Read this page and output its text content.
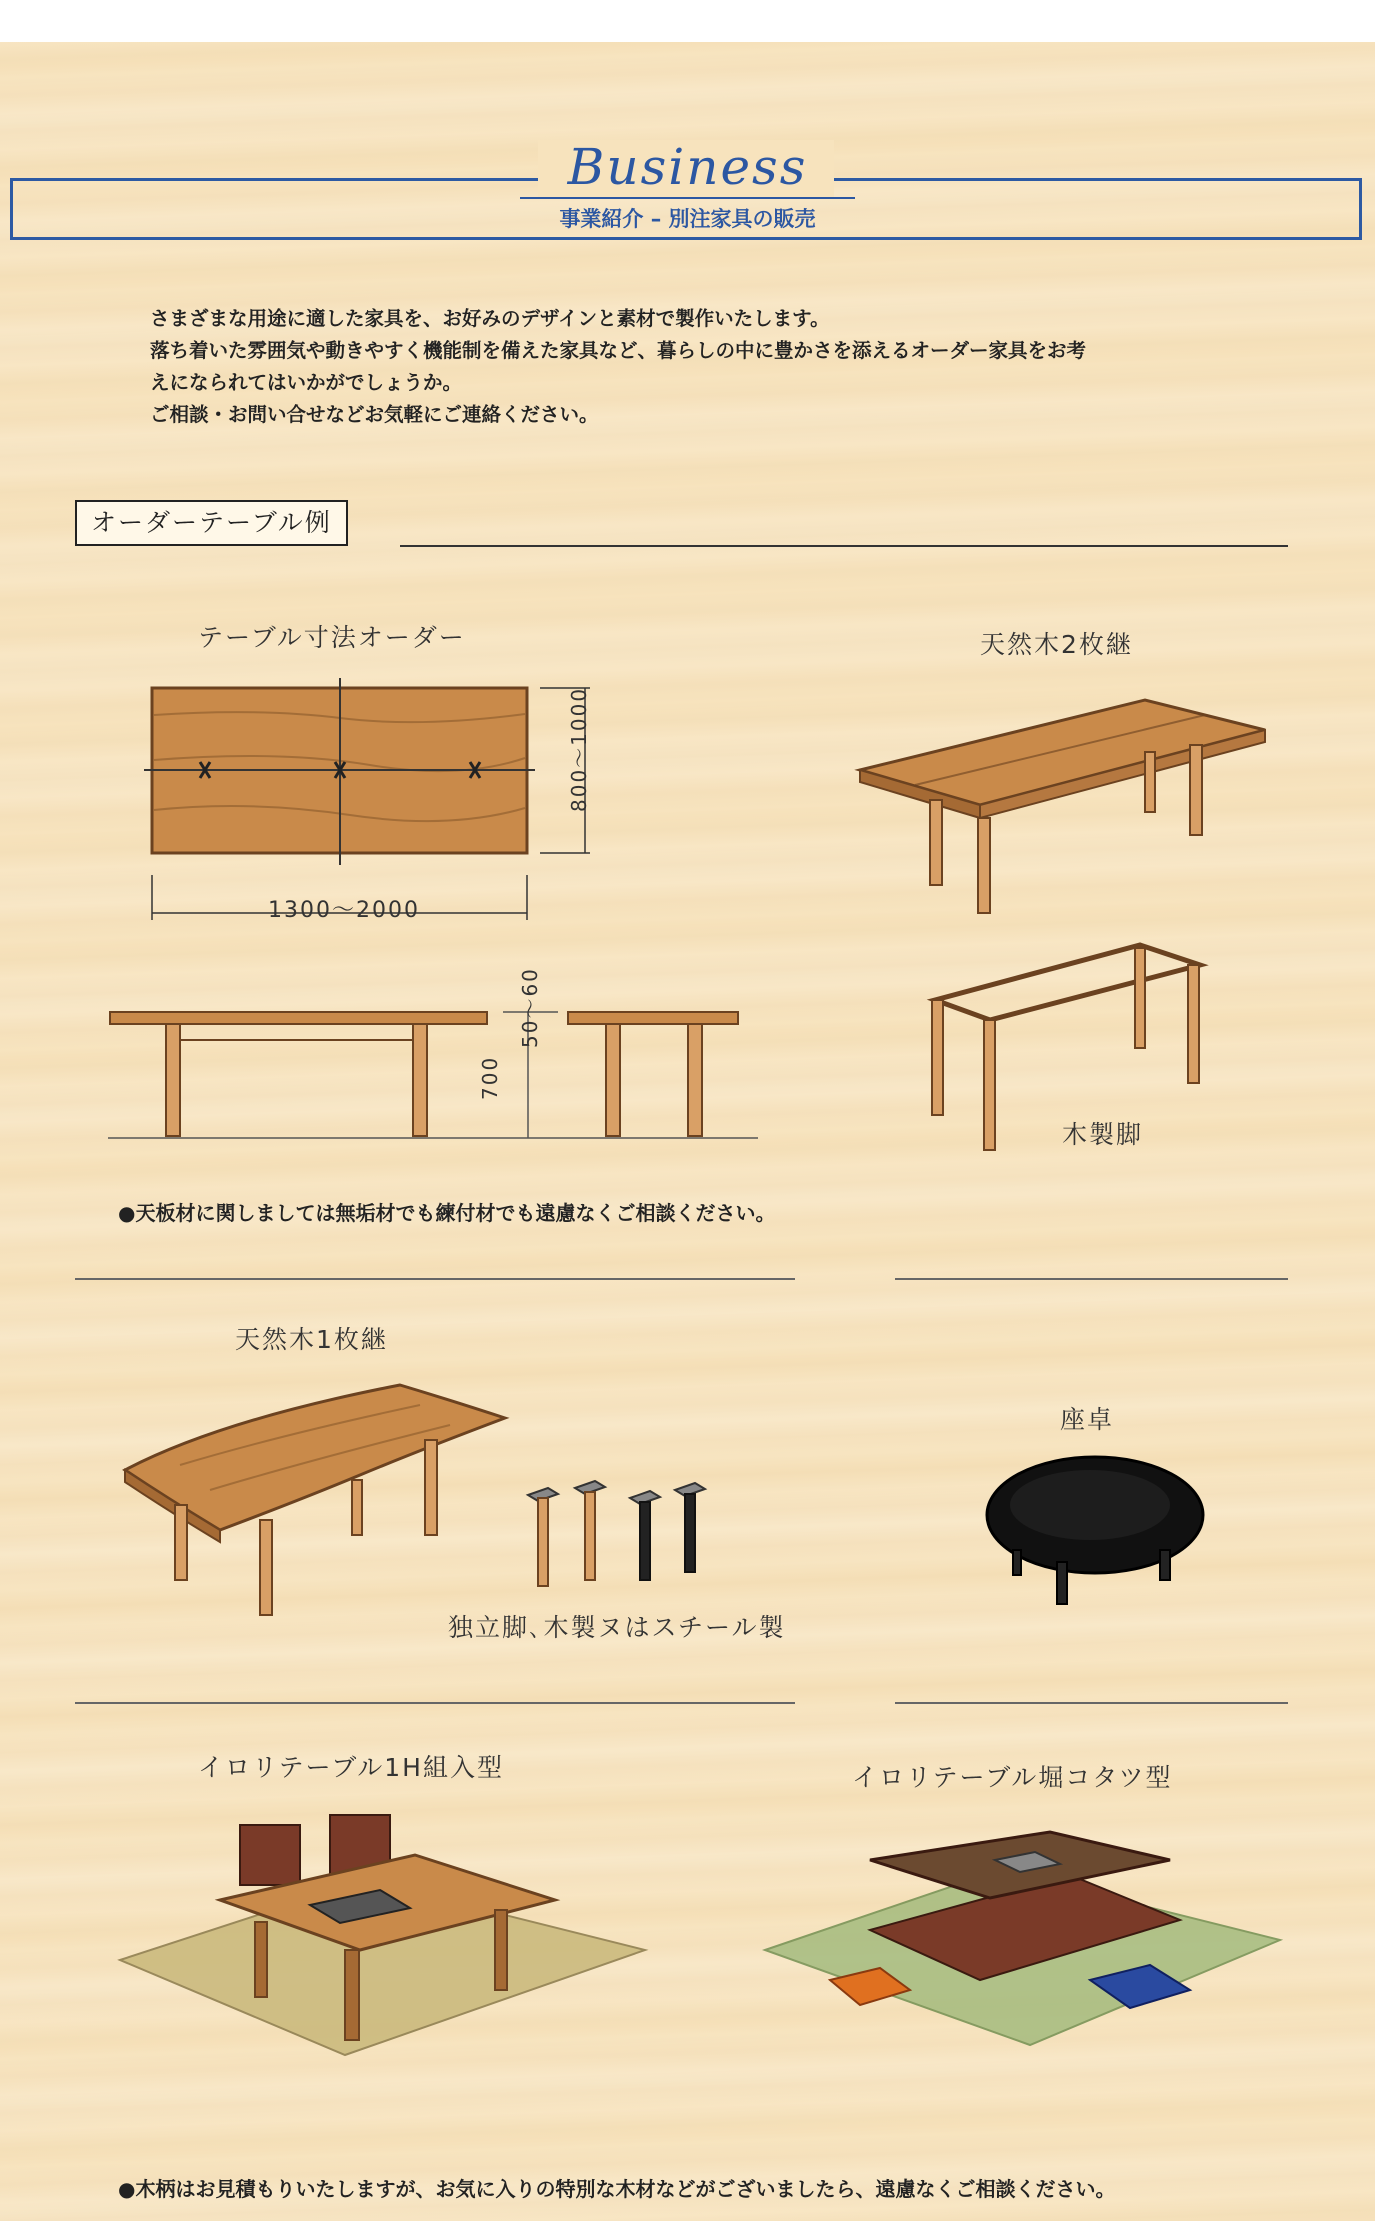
Business
事業紹介 – 別注家具の販売

さまざまな用途に適した家具を、お好みのデザインと素材で製作いたします。

落ち着いた雰囲気や動きやすく機能制を備えた家具など、暮らしの中に豊かさを添えるオーダー家具をお考

えになられてはいかがでしょうか。

ご相談・お問い合せなどお気軽にご連絡ください。

オーダーテーブル例
テーブル寸法オーダー
1300～2000
800～1000
700
50～60
天然木2枚継
木製脚
●天板材に関しましては無垢材でも練付材でも遠慮なくご相談ください。
天然木1枚継
独立脚､木製ヌはスチール製
座卓
イロリテーブル1H組入型	イロリテーブル堀コタツ型
●木柄はお見積もりいたしますが、お気に入りの特別な木材などがございましたら、遠慮なくご相談ください。
